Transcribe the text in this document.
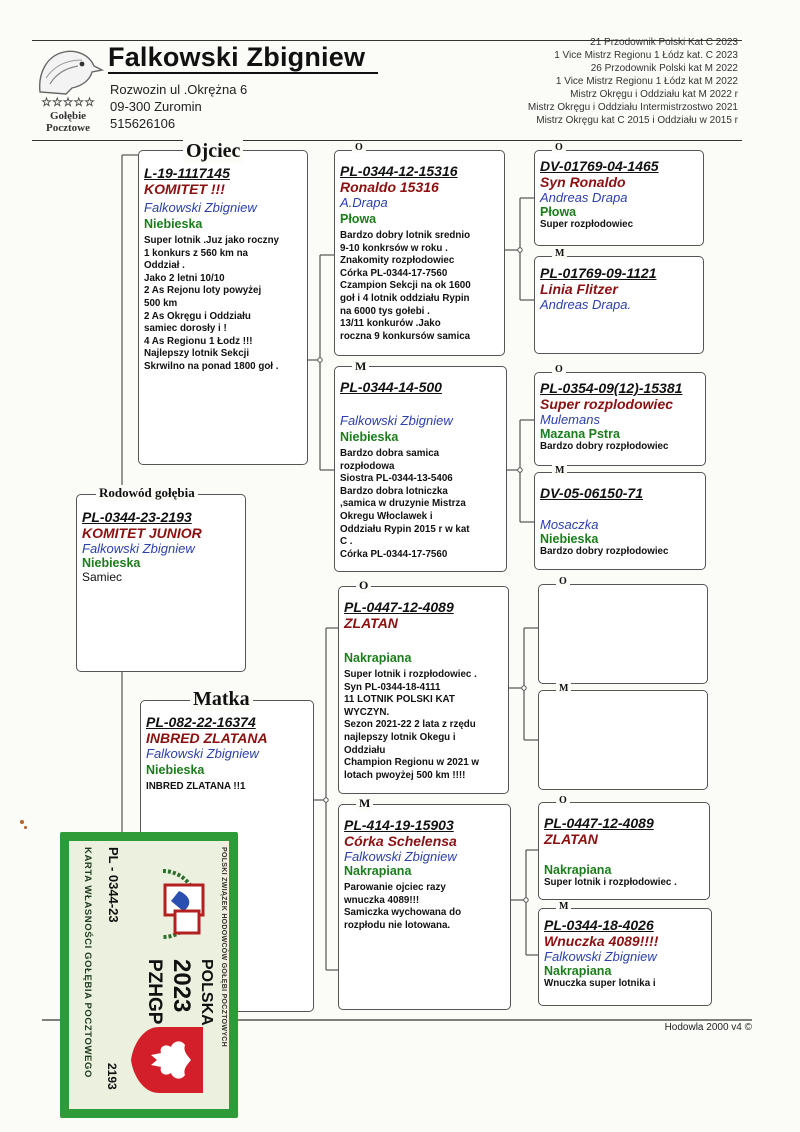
☆☆☆☆☆
Gołębie
Pocztowe
Falkowski Zbigniew
Rozwozin ul .Okrężna 6
09-300 Zuromin
515626106
21 Przodownik Polski Kat C 2023
1 Vice Mistrz Regionu 1 Łódz kat. C 2023
26 Przodownik Polski kat M 2022
1 Vice Mistrz Regionu 1 Łódz kat M 2022
Mistrz Okręgu i Oddziału kat M 2022 r
Mistrz Okręgu i Oddziału Intermistrzostwo 2021
Mistrz Okręgu kat C 2015 i Oddziału w 2015 r
PL-0344-23-2193
KOMITET JUNIOR
Falkowski Zbigniew
Niebieska
Samiec
Rodowód gołębia
L-19-1117145
KOMITET !!!
Falkowski Zbigniew
Niebieska
Super lotnik .Juz jako roczny
1 konkurs z 560 km na
Oddział .
Jako 2 letni 10/10
2 As Rejonu loty powyżej
500 km
2 As Okręgu i Oddziału
samiec dorosły i !
4 As Regionu 1 Łodz !!!
Najlepszy lotnik Sekcji
Skrwilno na ponad 1800 goł .
Ojciec
PL-0344-12-15316
Ronaldo 15316
A.Drapa
Płowa
Bardzo dobry lotnik srednio
9-10 konkrsów w roku .
Znakomity rozpłodowiec
Córka PL-0344-17-7560
Czampion Sekcji na ok 1600
goł i 4 lotnik oddziału Rypin
na 6000 tys gołebi .
13/11 konkurów .Jako
roczna 9 konkursów samica
O
DV-01769-04-1465
Syn Ronaldo
Andreas Drapa
Płowa
Super rozpłodowiec
O
PL-01769-09-1121
Linia Flitzer
Andreas Drapa.
M
PL-0344-14-500
Falkowski Zbigniew
Niebieska
Bardzo dobra samica
rozpłodowa
Siostra PL-0344-13-5406
Bardzo dobra lotniczka
,samica w druzynie Mistrza
Okregu Włoclawek i
Oddziału Rypin 2015 r w kat
C .
Córka PL-0344-17-7560
M
PL-0354-09(12)-15381
Super rozplodowiec
Mulemans
Mazana Pstra
Bardzo dobry rozpłodowiec
O
DV-05-06150-71
Mosaczka
Niebieska
Bardzo dobry rozpłodowiec
M
PL-082-22-16374
INBRED ZLATANA
Falkowski Zbigniew
Niebieska
INBRED ZLATANA !!1
Matka
PL-0447-12-4089
ZLATAN
Nakrapiana
Super lotnik i rozpłodowiec .
Syn PL-0344-18-4111
11 LOTNIK POLSKI KAT
WYCZYN.
Sezon 2021-22 2 lata z rzędu
najlepszy lotnik Okegu i
Oddziału
Champion Regionu w 2021 w
lotach pwoyżej 500 km !!!!
O	O
M
PL-414-19-15903
Córka Schelensa
Falkowski Zbigniew
Nakrapiana
Parowanie ojciec razy
wnuczka 4089!!!
Samiczka wychowana do
rozpłodu nie lotowana.
M
PL-0447-12-4089
ZLATAN
Nakrapiana
Super lotnik i rozpłodowiec .
O
PL-0344-18-4026
Wnuczka 4089!!!!
Falkowski Zbigniew
Nakrapiana
Wnuczka super lotnika i
M
Hodowla 2000 v4 ©
KARTA WŁASNOŚCI GOŁĘBIA POCZTOWEGO	POLSKI ZWIĄZEK HODOWCÓW GOŁĘBI POCZTOWYCH
PL - 0344-23
2193
POLSKA
2023
PZHGP
